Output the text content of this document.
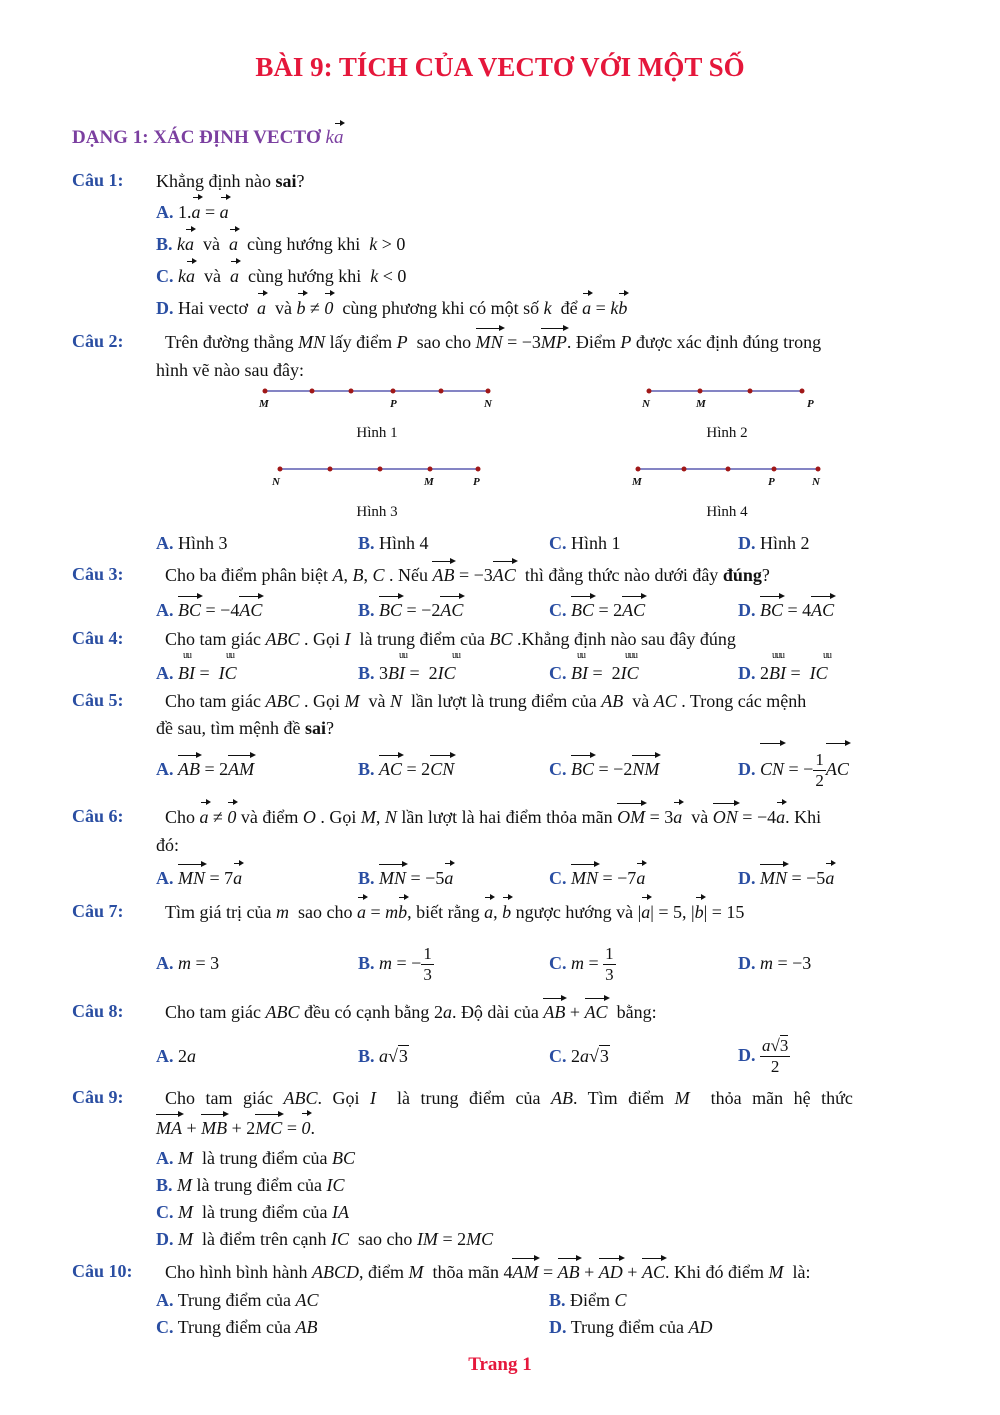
BÀI 9: TÍCH CỦA VECTƠ VỚI MỘT SỐ
DẠNG 1: XÁC ĐỊNH VECTƠ ka
Câu 1: Khẳng định nào sai?
A. 1.a = a
B. ka và a cùng hướng khi k > 0
C. ka và a cùng hướng khi k < 0
D. Hai vectơ a và b ≠ 0 cùng phương khi có một số k để a = kb
Câu 2: Trên đường thẳng MN lấy điểm P sao cho MN = −3MP. Điểm P được xác định đúng trong
hình vẽ nào sau đây:
M	P	N
Hình 1
N	M	P
Hình 2
N	M	P
Hình 3
M	P	N
Hình 4
A. Hình 3	B. Hình 4	C. Hình 1	D. Hình 2
Câu 3: Cho ba điểm phân biệt A, B, C . Nếu AB = −3AC thì đẳng thức nào dưới đây đúng?
A. BC = −4AC	B. BC = −2AC	C. BC = 2AC	D. BC = 4AC
Câu 4: Cho tam giác ABC . Gọi I là trung điểm của BC .Khẳng định nào sau đây đúng
uu	uu	uu	uu	uu	uuu	uuu	uu
A. BI =  IC	B. 3BI =  2IC	C. BI =  2IC	D. 2BI =  IC
Câu 5: Cho tam giác ABC . Gọi M và N lần lượt là trung điểm của AB và AC . Trong các mệnh
đề sau, tìm mệnh đề sai?
A. AB = 2AM	B. AC = 2CN	C. BC = −2NM	D. CN = − $\frac{1}{2}$ AC
Câu 6: Cho a ≠ 0 và điểm O . Gọi M, N lần lượt là hai điểm thỏa mãn OM = 3a và ON = −4a. Khi
đó:
A. MN = 7a	B. MN = −5a	C. MN = −7a	D. MN = −5a
Câu 7: Tìm giá trị của m sao cho a = mb, biết rằng a, b ngược hướng và |a| = 5, |b| = 15
A. m = 3	B. m = − $\frac{1}{3}$	C. $m = \frac{1}{3}$	D. m = −3
Câu 8: Cho tam giác ABC đều có cạnh bằng 2a. Độ dài của AB + AC bằng:
A. 2a	B. a√3	C. 2a√3	D. $\frac{a√3}{2}$
Câu 9: Cho tam giác ABC. Gọi I là trung điểm của AB. Tìm điểm M thỏa mãn hệ thức
MA + MB + 2MC = 0.
A. M là trung điểm của BC
B. M là trung điểm của IC
C. M là trung điểm của IA
D. M là điểm trên cạnh IC sao cho IM = 2MC
Câu 10: Cho hình bình hành ABCD, điểm M thõa mãn 4AM = AB + AD + AC. Khi đó điểm M là:
A. Trung điểm của AC	B. Điểm C
C. Trung điểm của AB	D. Trung điểm của AD
Trang 1
